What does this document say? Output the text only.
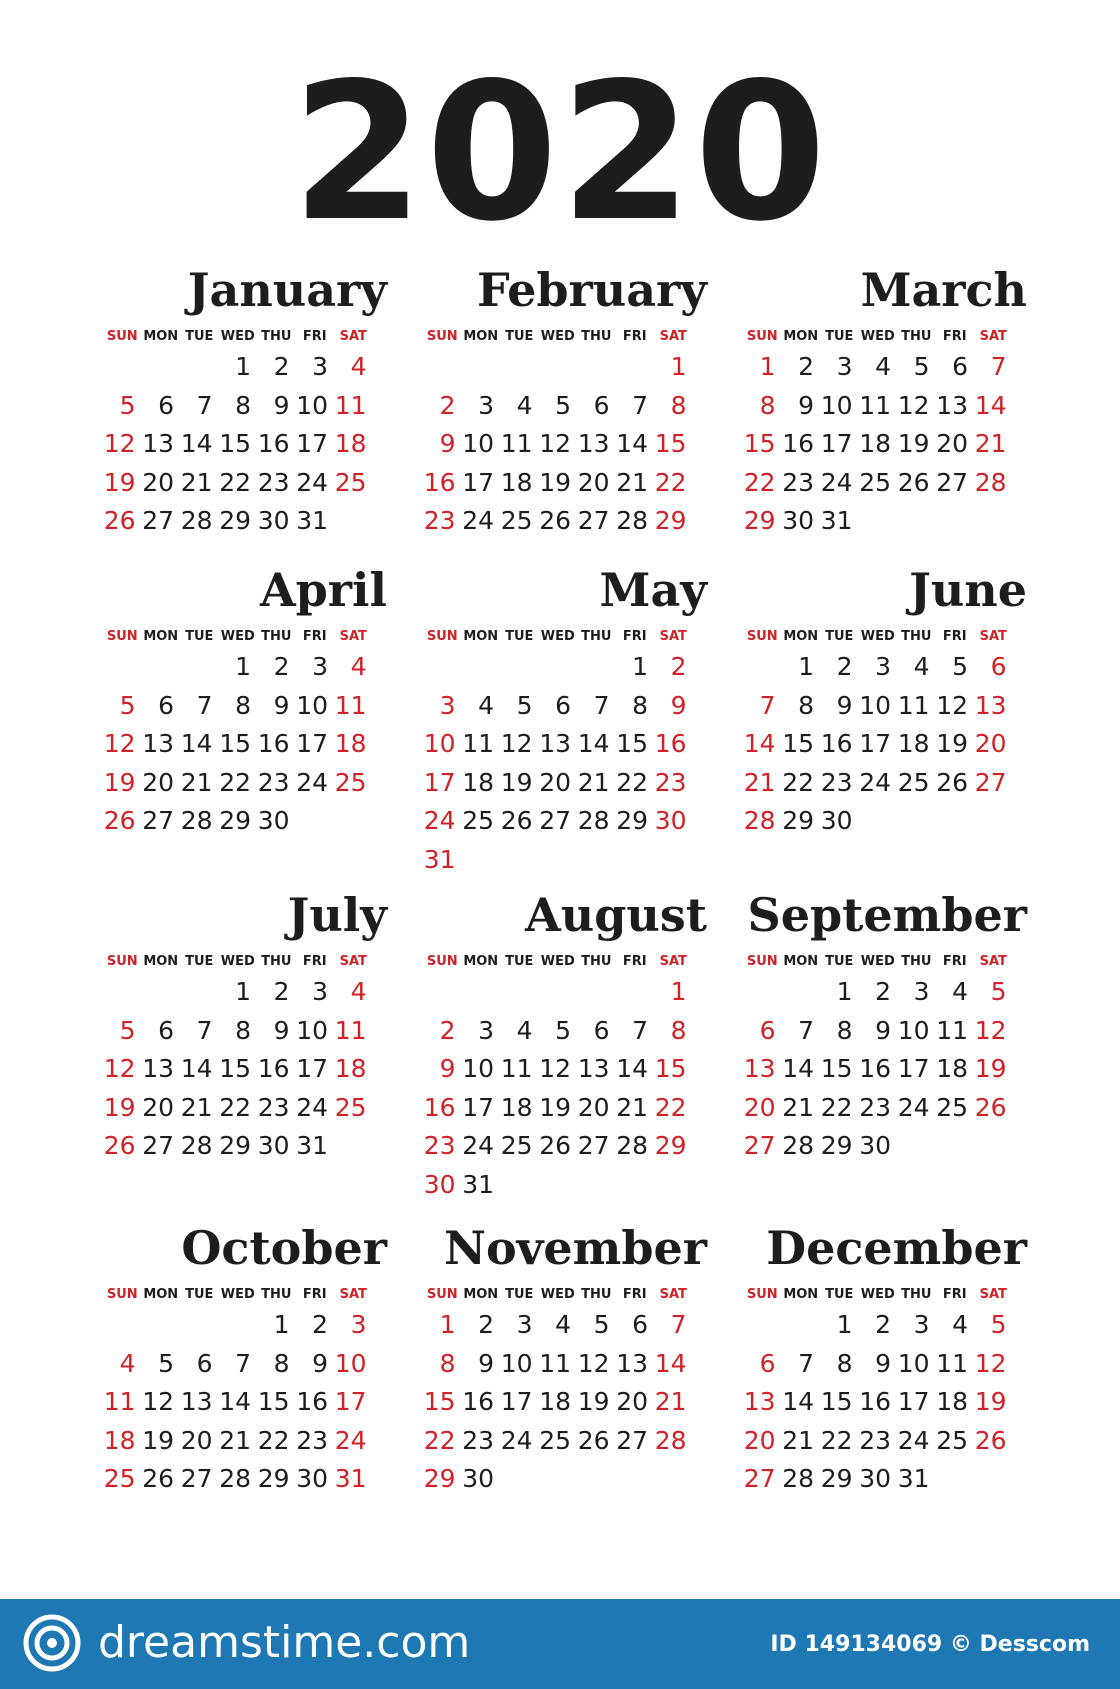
2020
January
SUN MON TUE WED THU FRI SAT
1 2 3 4
5 6 7 8 9 10 11
12 13 14 15 16 17 18
19 20 21 22 23 24 25
26 27 28 29 30 31
February
SUN MON TUE WED THU FRI SAT
1
2 3 4 5 6 7 8
9 10 11 12 13 14 15
16 17 18 19 20 21 22
23 24 25 26 27 28 29
March
SUN MON TUE WED THU FRI SAT
1 2 3 4 5 6 7
8 9 10 11 12 13 14
15 16 17 18 19 20 21
22 23 24 25 26 27 28
29 30 31
April
SUN MON TUE WED THU FRI SAT
1 2 3 4
5 6 7 8 9 10 11
12 13 14 15 16 17 18
19 20 21 22 23 24 25
26 27 28 29 30
May
SUN MON TUE WED THU FRI SAT
1 2
3 4 5 6 7 8 9
10 11 12 13 14 15 16
17 18 19 20 21 22 23
24 25 26 27 28 29 30
31
June
SUN MON TUE WED THU FRI SAT
1 2 3 4 5 6
7 8 9 10 11 12 13
14 15 16 17 18 19 20
21 22 23 24 25 26 27
28 29 30
July
SUN MON TUE WED THU FRI SAT
1 2 3 4
5 6 7 8 9 10 11
12 13 14 15 16 17 18
19 20 21 22 23 24 25
26 27 28 29 30 31
August
SUN MON TUE WED THU FRI SAT
1
2 3 4 5 6 7 8
9 10 11 12 13 14 15
16 17 18 19 20 21 22
23 24 25 26 27 28 29
30 31
September
SUN MON TUE WED THU FRI SAT
1 2 3 4 5
6 7 8 9 10 11 12
13 14 15 16 17 18 19
20 21 22 23 24 25 26
27 28 29 30
October
SUN MON TUE WED THU FRI SAT
1 2 3
4 5 6 7 8 9 10
11 12 13 14 15 16 17
18 19 20 21 22 23 24
25 26 27 28 29 30 31
November
SUN MON TUE WED THU FRI SAT
1 2 3 4 5 6 7
8 9 10 11 12 13 14
15 16 17 18 19 20 21
22 23 24 25 26 27 28
29 30
December
SUN MON TUE WED THU FRI SAT
1 2 3 4 5
6 7 8 9 10 11 12
13 14 15 16 17 18 19
20 21 22 23 24 25 26
27 28 29 30 31
dreamstime.com	ID 149134069 © Desscom
